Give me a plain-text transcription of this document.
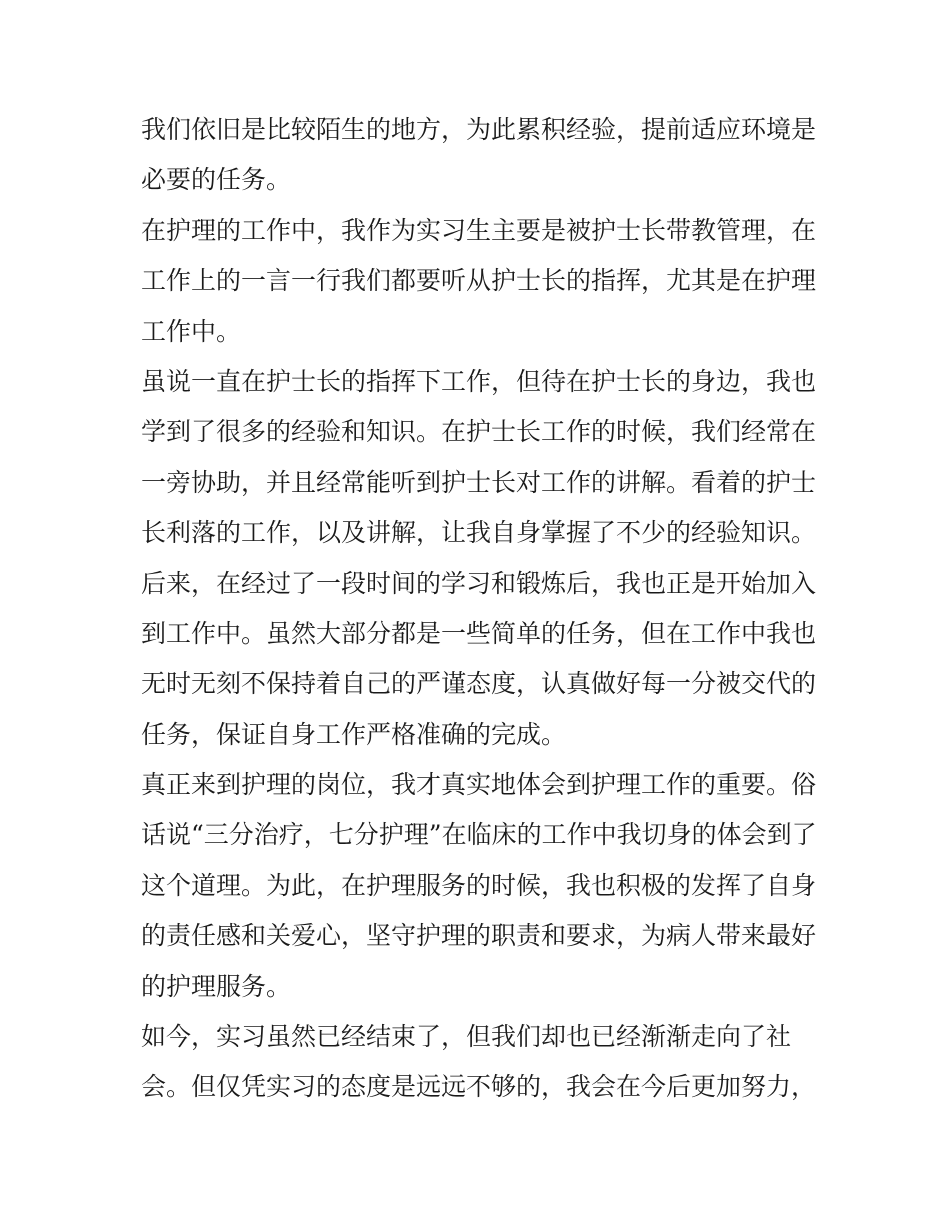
我们依旧是比较陌生的地方，为此累积经验，提前适应环境是
必要的任务。
在护理的工作中，我作为实习生主要是被护士长带教管理，在
工作上的一言一行我们都要听从护士长的指挥，尤其是在护理
工作中。
虽说一直在护士长的指挥下工作，但待在护士长的身边，我也
学到了很多的经验和知识。在护士长工作的时候，我们经常在
一旁协助，并且经常能听到护士长对工作的讲解。看着的护士
长利落的工作，以及讲解，让我自身掌握了不少的经验知识。
后来，在经过了一段时间的学习和锻炼后，我也正是开始加入
到工作中。虽然大部分都是一些简单的任务，但在工作中我也
无时无刻不保持着自己的严谨态度，认真做好每一分被交代的
任务，保证自身工作严格准确的完成。
真正来到护理的岗位，我才真实地体会到护理工作的重要。俗
话说“三分治疗，七分护理”在临床的工作中我切身的体会到了
这个道理。为此，在护理服务的时候，我也积极的发挥了自身
的责任感和关爱心，坚守护理的职责和要求，为病人带来最好
的护理服务。
如今，实习虽然已经结束了，但我们却也已经渐渐走向了社
会。但仅凭实习的态度是远远不够的，我会在今后更加努力，
